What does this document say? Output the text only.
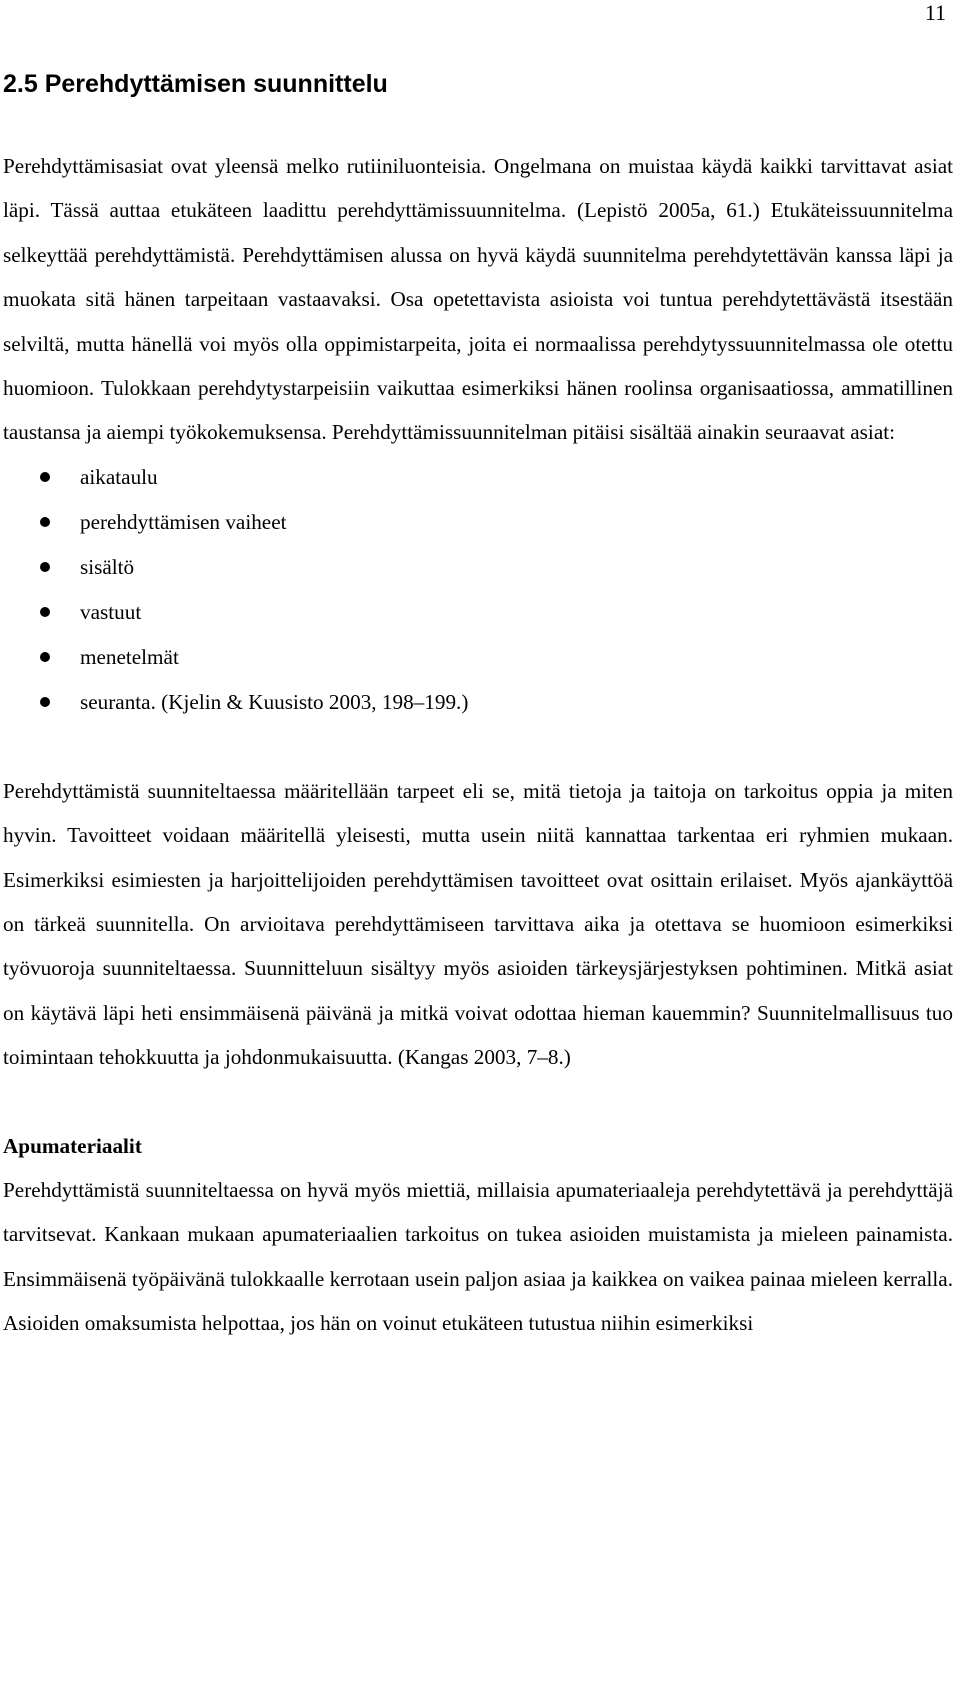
11
2.5 Perehdyttämisen suunnittelu

Perehdyttämisasiat ovat yleensä melko rutiiniluonteisia. Ongelmana on muistaa käydä kaikki tarvittavat asiat läpi. Tässä auttaa etukäteen laadittu perehdyttämissuunnitelma. (Lepistö 2005a, 61.) Etukäteissuunnitelma selkeyttää perehdyttämistä. Perehdyttämisen alussa on hyvä käydä suunnitelma perehdytettävän kanssa läpi ja muokata sitä hänen tarpeitaan vastaavaksi. Osa opetettavista asioista voi tuntua perehdytettävästä itsestään selviltä, mutta hänellä voi myös olla oppimistarpeita, joita ei normaalissa perehdytyssuunnitelmassa ole otettu huomioon. Tulokkaan perehdytystarpeisiin vaikuttaa esimerkiksi hänen roolinsa organisaatiossa, ammatillinen taustansa ja aiempi työkokemuksensa. Perehdyttämissuunnitelman pitäisi sisältää ainakin seuraavat asiat:

aikataulu
perehdyttämisen vaiheet
sisältö
vastuut
menetelmät
seuranta. (Kjelin & Kuusisto 2003, 198–199.)

Perehdyttämistä suunniteltaessa määritellään tarpeet eli se, mitä tietoja ja taitoja on tarkoitus oppia ja miten hyvin. Tavoitteet voidaan määritellä yleisesti, mutta usein niitä kannattaa tarkentaa eri ryhmien mukaan. Esimerkiksi esimiesten ja harjoittelijoiden perehdyttämisen tavoitteet ovat osittain erilaiset. Myös ajankäyttöä on tärkeä suunnitella. On arvioitava perehdyttämiseen tarvittava aika ja otettava se huomioon esimerkiksi työvuoroja suunniteltaessa. Suunnitteluun sisältyy myös asioiden tärkeysjärjestyksen pohtiminen. Mitkä asiat on käytävä läpi heti ensimmäisenä päivänä ja mitkä voivat odottaa hieman kauemmin? Suunnitelmallisuus tuo toimintaan tehokkuutta ja johdonmukaisuutta. (Kangas 2003, 7–8.)

Apumateriaalit

Perehdyttämistä suunniteltaessa on hyvä myös miettiä, millaisia apumateriaaleja perehdytettävä ja perehdyttäjä tarvitsevat. Kankaan mukaan apumateriaalien tarkoitus on tukea asioiden muistamista ja mieleen painamista. Ensimmäisenä työpäivänä tulokkaalle kerrotaan usein paljon asiaa ja kaikkea on vaikea painaa mieleen kerralla. Asioiden omaksumista helpottaa, jos hän on voinut etukäteen tutustua niihin esimerkiksi
